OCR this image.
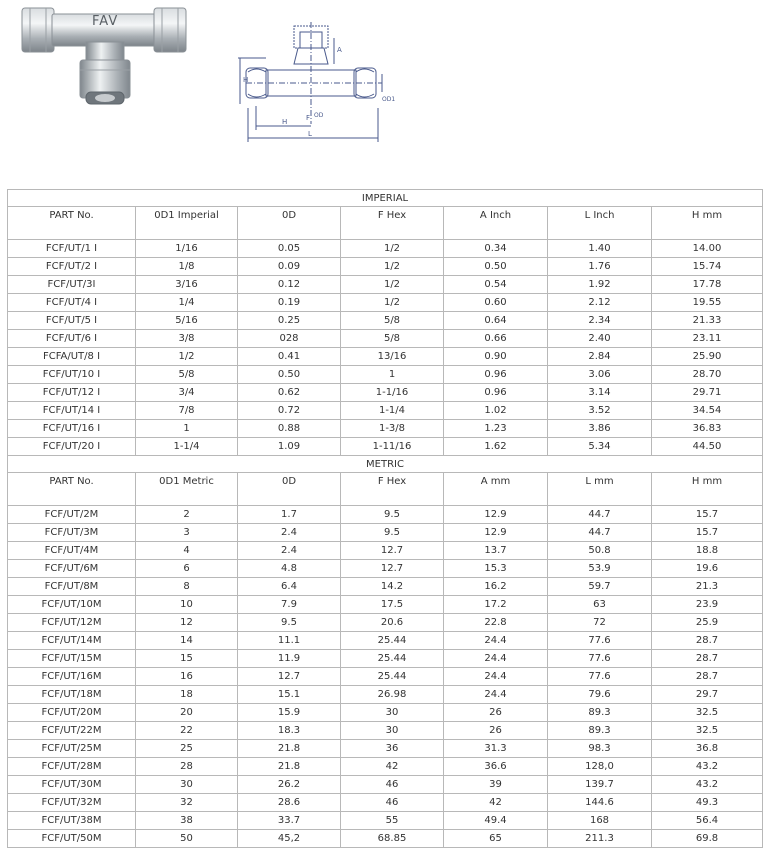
FAV
A
H
H
L
F OD
OD1
IMPERIAL						
PART No.	0D1 Imperial	0D	F Hex	A Inch	L Inch	H mm
FCF/UT/1 I	1/16	0.05	1/2	0.34	1.40	14.00
FCF/UT/2 I	1/8	0.09	1/2	0.50	1.76	15.74
FCF/UT/3I	3/16	0.12	1/2	0.54	1.92	17.78
FCF/UT/4 I	1/4	0.19	1/2	0.60	2.12	19.55
FCF/UT/5 I	5/16	0.25	5/8	0.64	2.34	21.33
FCF/UT/6 I	3/8	028	5/8	0.66	2.40	23.11
FCFA/UT/8 I	1/2	0.41	13/16	0.90	2.84	25.90
FCF/UT/10 I	5/8	0.50	1	0.96	3.06	28.70
FCF/UT/12 I	3/4	0.62	1-1/16	0.96	3.14	29.71
FCF/UT/14 I	7/8	0.72	1-1/4	1.02	3.52	34.54
FCF/UT/16 I	1	0.88	1-3/8	1.23	3.86	36.83
FCF/UT/20 I	1-1/4	1.09	1-11/16	1.62	5.34	44.50
METRIC						
PART No.	0D1 Metric	0D	F Hex	A mm	L mm	H mm
FCF/UT/2M	2	1.7	9.5	12.9	44.7	15.7
FCF/UT/3M	3	2.4	9.5	12.9	44.7	15.7
FCF/UT/4M	4	2.4	12.7	13.7	50.8	18.8
FCF/UT/6M	6	4.8	12.7	15.3	53.9	19.6
FCF/UT/8M	8	6.4	14.2	16.2	59.7	21.3
FCF/UT/10M	10	7.9	17.5	17.2	63	23.9
FCF/UT/12M	12	9.5	20.6	22.8	72	25.9
FCF/UT/14M	14	11.1	25.44	24.4	77.6	28.7
FCF/UT/15M	15	11.9	25.44	24.4	77.6	28.7
FCF/UT/16M	16	12.7	25.44	24.4	77.6	28.7
FCF/UT/18M	18	15.1	26.98	24.4	79.6	29.7
FCF/UT/20M	20	15.9	30	26	89.3	32.5
FCF/UT/22M	22	18.3	30	26	89.3	32.5
FCF/UT/25M	25	21.8	36	31.3	98.3	36.8
FCF/UT/28M	28	21.8	42	36.6	128,0	43.2
FCF/UT/30M	30	26.2	46	39	139.7	43.2
FCF/UT/32M	32	28.6	46	42	144.6	49.3
FCF/UT/38M	38	33.7	55	49.4	168	56.4
FCF/UT/50M	50	45,2	68.85	65	211.3	69.8
